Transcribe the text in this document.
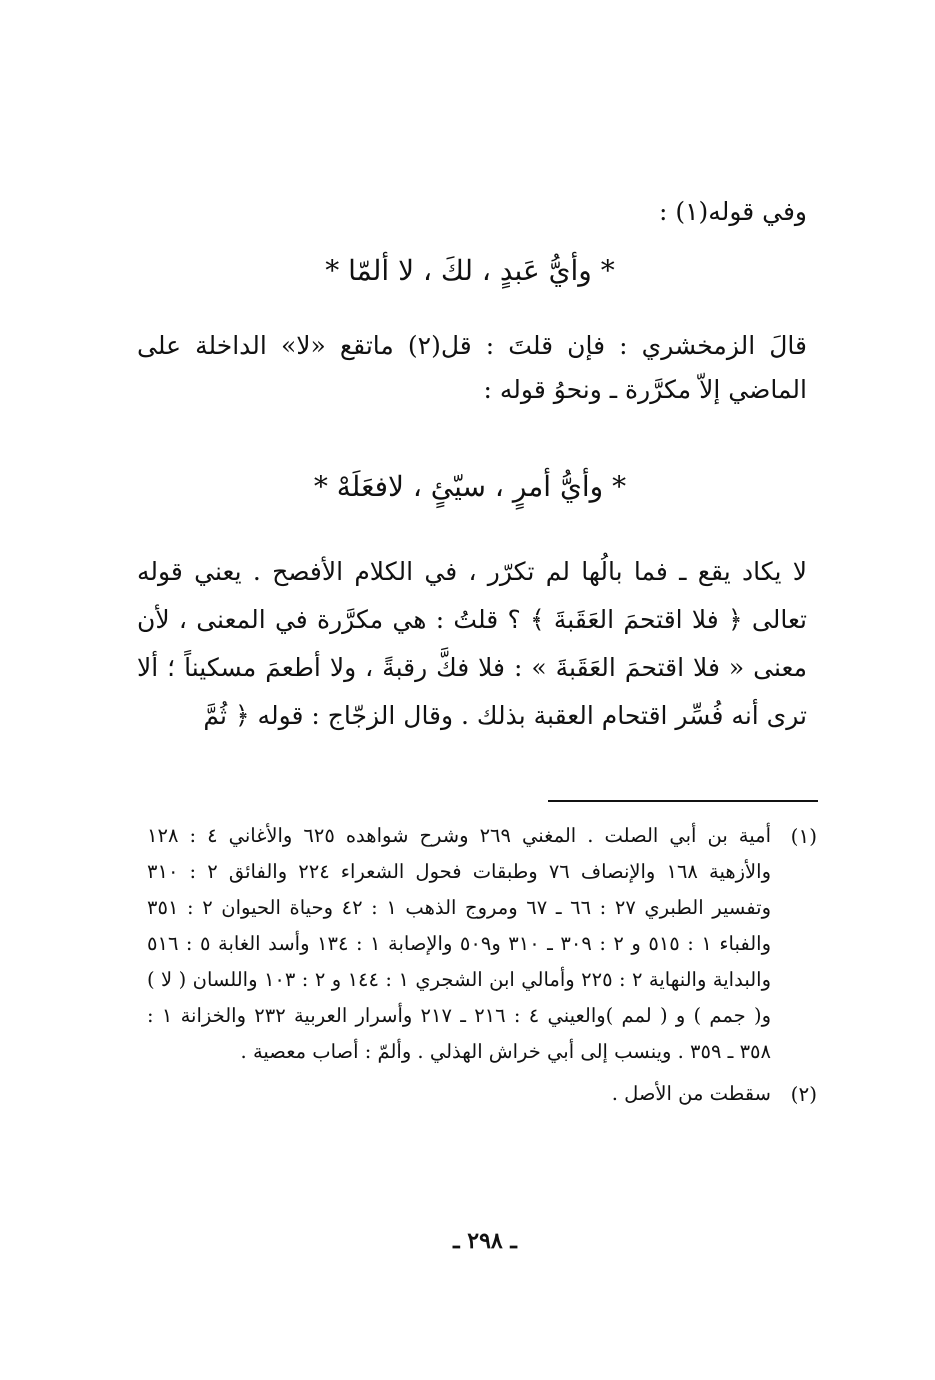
وفي قوله(١) :
* وأيُّ عَبدٍ ، لكَ ، لا ألمّا *
قالَ الزمخشري : فإن قلتَ : قل(٢) ماتقع «لا» الداخلة على الماضي إلاّ مكرَّرة ـ ونحوُ قوله :
* وأيُّ أمرٍ ، سيّئٍ ، لافعَلَهْ *
لا يكاد يقع ـ فما بالُها لم تكرّر ، في الكلام الأفصح . يعني قوله تعالى ﴿ فلا اقتحمَ العَقَبةَ ﴾ ؟ قلتُ : هي مكرَّرة في المعنى ، لأن معنى « فلا اقتحمَ العَقَبةَ » : فلا فكَّ رقبةً ، ولا أطعمَ مسكيناً ؛ ألا ترى أنه فُسِّر اقتحام العقبة بذلك . وقال الزجّاج : قوله ﴿ ثُمَّ
(١)
أمية بن أبي الصلت . المغني ٢٦٩ وشرح شواهده ٦٢٥ والأغاني ٤ : ١٢٨ والأزهية ١٦٨ والإنصاف ٧٦ وطبقات فحول الشعراء ٢٢٤ والفائق ٢ : ٣١٠ وتفسير الطبري ٢٧ : ٦٦ ـ ٦٧ ومروج الذهب ١ : ٤٢ وحياة الحيوان ٢ : ٣٥١ والفباء ١ : ٥١٥ و ٢ : ٣٠٩ ـ ٣١٠ و٥٠٩ والإصابة ١ : ١٣٤ وأسد الغابة ٥ : ٥١٦ والبداية والنهاية ٢ : ٢٢٥ وأمالي ابن الشجري ١ : ١٤٤ و ٢ : ١٠٣ واللسان ( لا ) و( جمم ) و ( لمم )والعيني ٤ : ٢١٦ ـ ٢١٧ وأسرار العربية ٢٣٢ والخزانة ١ : ٣٥٨ ـ ٣٥٩ . وينسب إلى أبي خراش الهذلي . وألمّ : أصاب معصية .
(٢)
سقطت من الأصل .
ـ ٢٩٨ ـ
